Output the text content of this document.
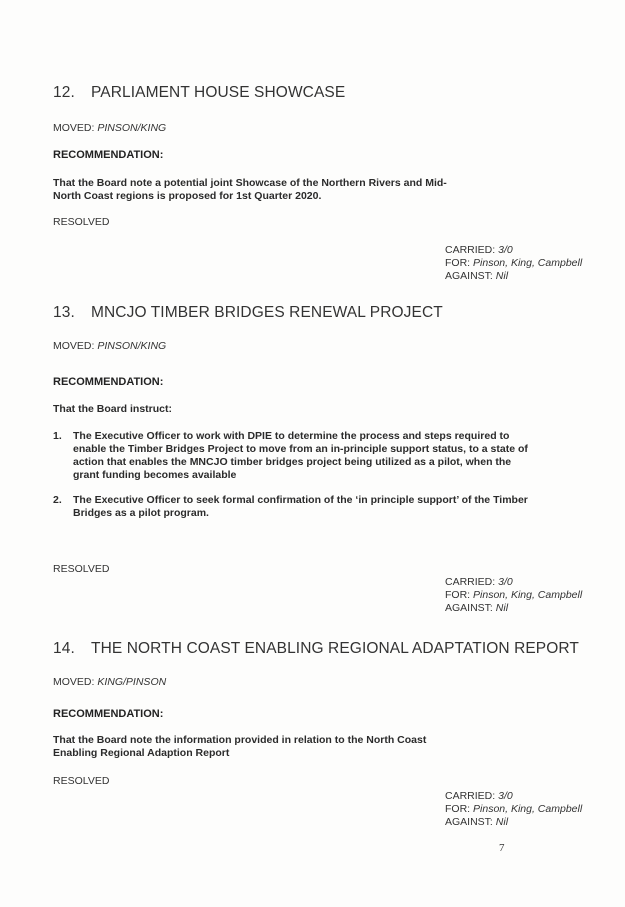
12. PARLIAMENT HOUSE SHOWCASE
MOVED: PINSON/KING
RECOMMENDATION:
That the Board note a potential joint Showcase of the Northern Rivers and Mid-
North Coast regions is proposed for 1st Quarter 2020.
RESOLVED
CARRIED: 3/0
FOR: Pinson, King, Campbell
AGAINST: Nil
13. MNCJO TIMBER BRIDGES RENEWAL PROJECT
MOVED: PINSON/KING
RECOMMENDATION:
That the Board instruct:
1. The Executive Officer to work with DPIE to determine the process and steps required to
enable the Timber Bridges Project to move from an in-principle support status, to a state of
action that enables the MNCJO timber bridges project being utilized as a pilot, when the
grant funding becomes available
2. The Executive Officer to seek formal confirmation of the ‘in principle support’ of the Timber
Bridges as a pilot program.
RESOLVED
CARRIED: 3/0
FOR: Pinson, King, Campbell
AGAINST: Nil
14. THE NORTH COAST ENABLING REGIONAL ADAPTATION REPORT
MOVED: KING/PINSON
RECOMMENDATION:
That the Board note the information provided in relation to the North Coast
Enabling Regional Adaption Report
RESOLVED
CARRIED: 3/0
FOR: Pinson, King, Campbell
AGAINST: Nil
7
